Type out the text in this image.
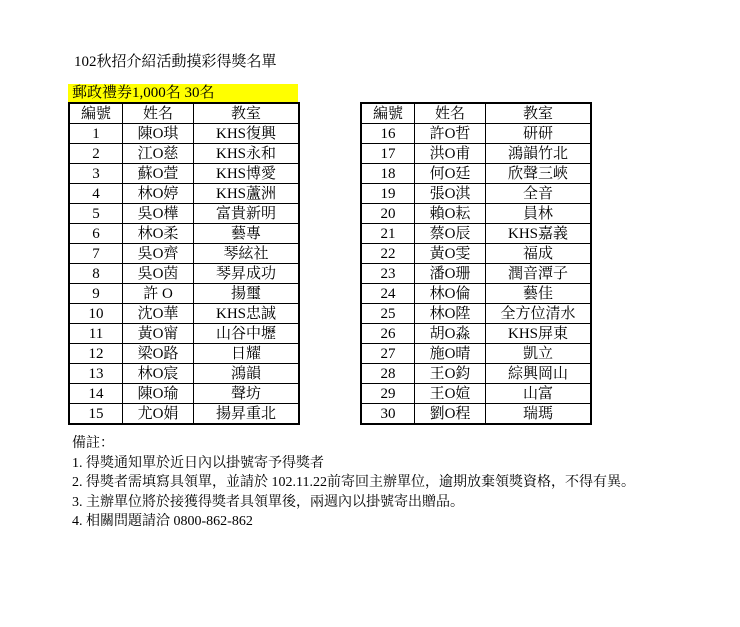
102秋招介紹活動摸彩得獎名單
郵政禮券1,000名 30名
編號	姓名	教室
1	陳O琪	KHS復興
2	江O慈	KHS永和
3	蘇O萱	KHS博愛
4	林O婷	KHS蘆洲
5	吳O樺	富貴新明
6	林O柔	藝專
7	吳O齊	琴絃社
8	吳O茵	琴昇成功
9	許 O	揚璽
10	沈O華	KHS忠誠
11	黃O甯	山谷中壢
12	梁O路	日耀
13	林O宸	鴻韻
14	陳O瑜	聲坊
15	尤O娟	揚昇重北
編號	姓名	教室
16	許O哲	研研
17	洪O甫	鴻韻竹北
18	何O廷	欣聲三峽
19	張O淇	全音
20	賴O耘	員林
21	蔡O辰	KHS嘉義
22	黃O雯	福成
23	潘O珊	潤音潭子
24	林O倫	藝佳
25	林O陞	全方位清水
26	胡O淼	KHS屏東
27	施O晴	凱立
28	王O鈞	綜興岡山
29	王O媗	山富
30	劉O程	瑞瑪
備註：
1. 得獎通知單於近日內以掛號寄予得獎者
2. 得獎者需填寫具領單，並請於 102.11.22前寄回主辦單位，逾期放棄領獎資格，不得有異。
3. 主辦單位將於接獲得獎者具領單後，兩週內以掛號寄出贈品。
4. 相關問題請洽 0800-862-862
